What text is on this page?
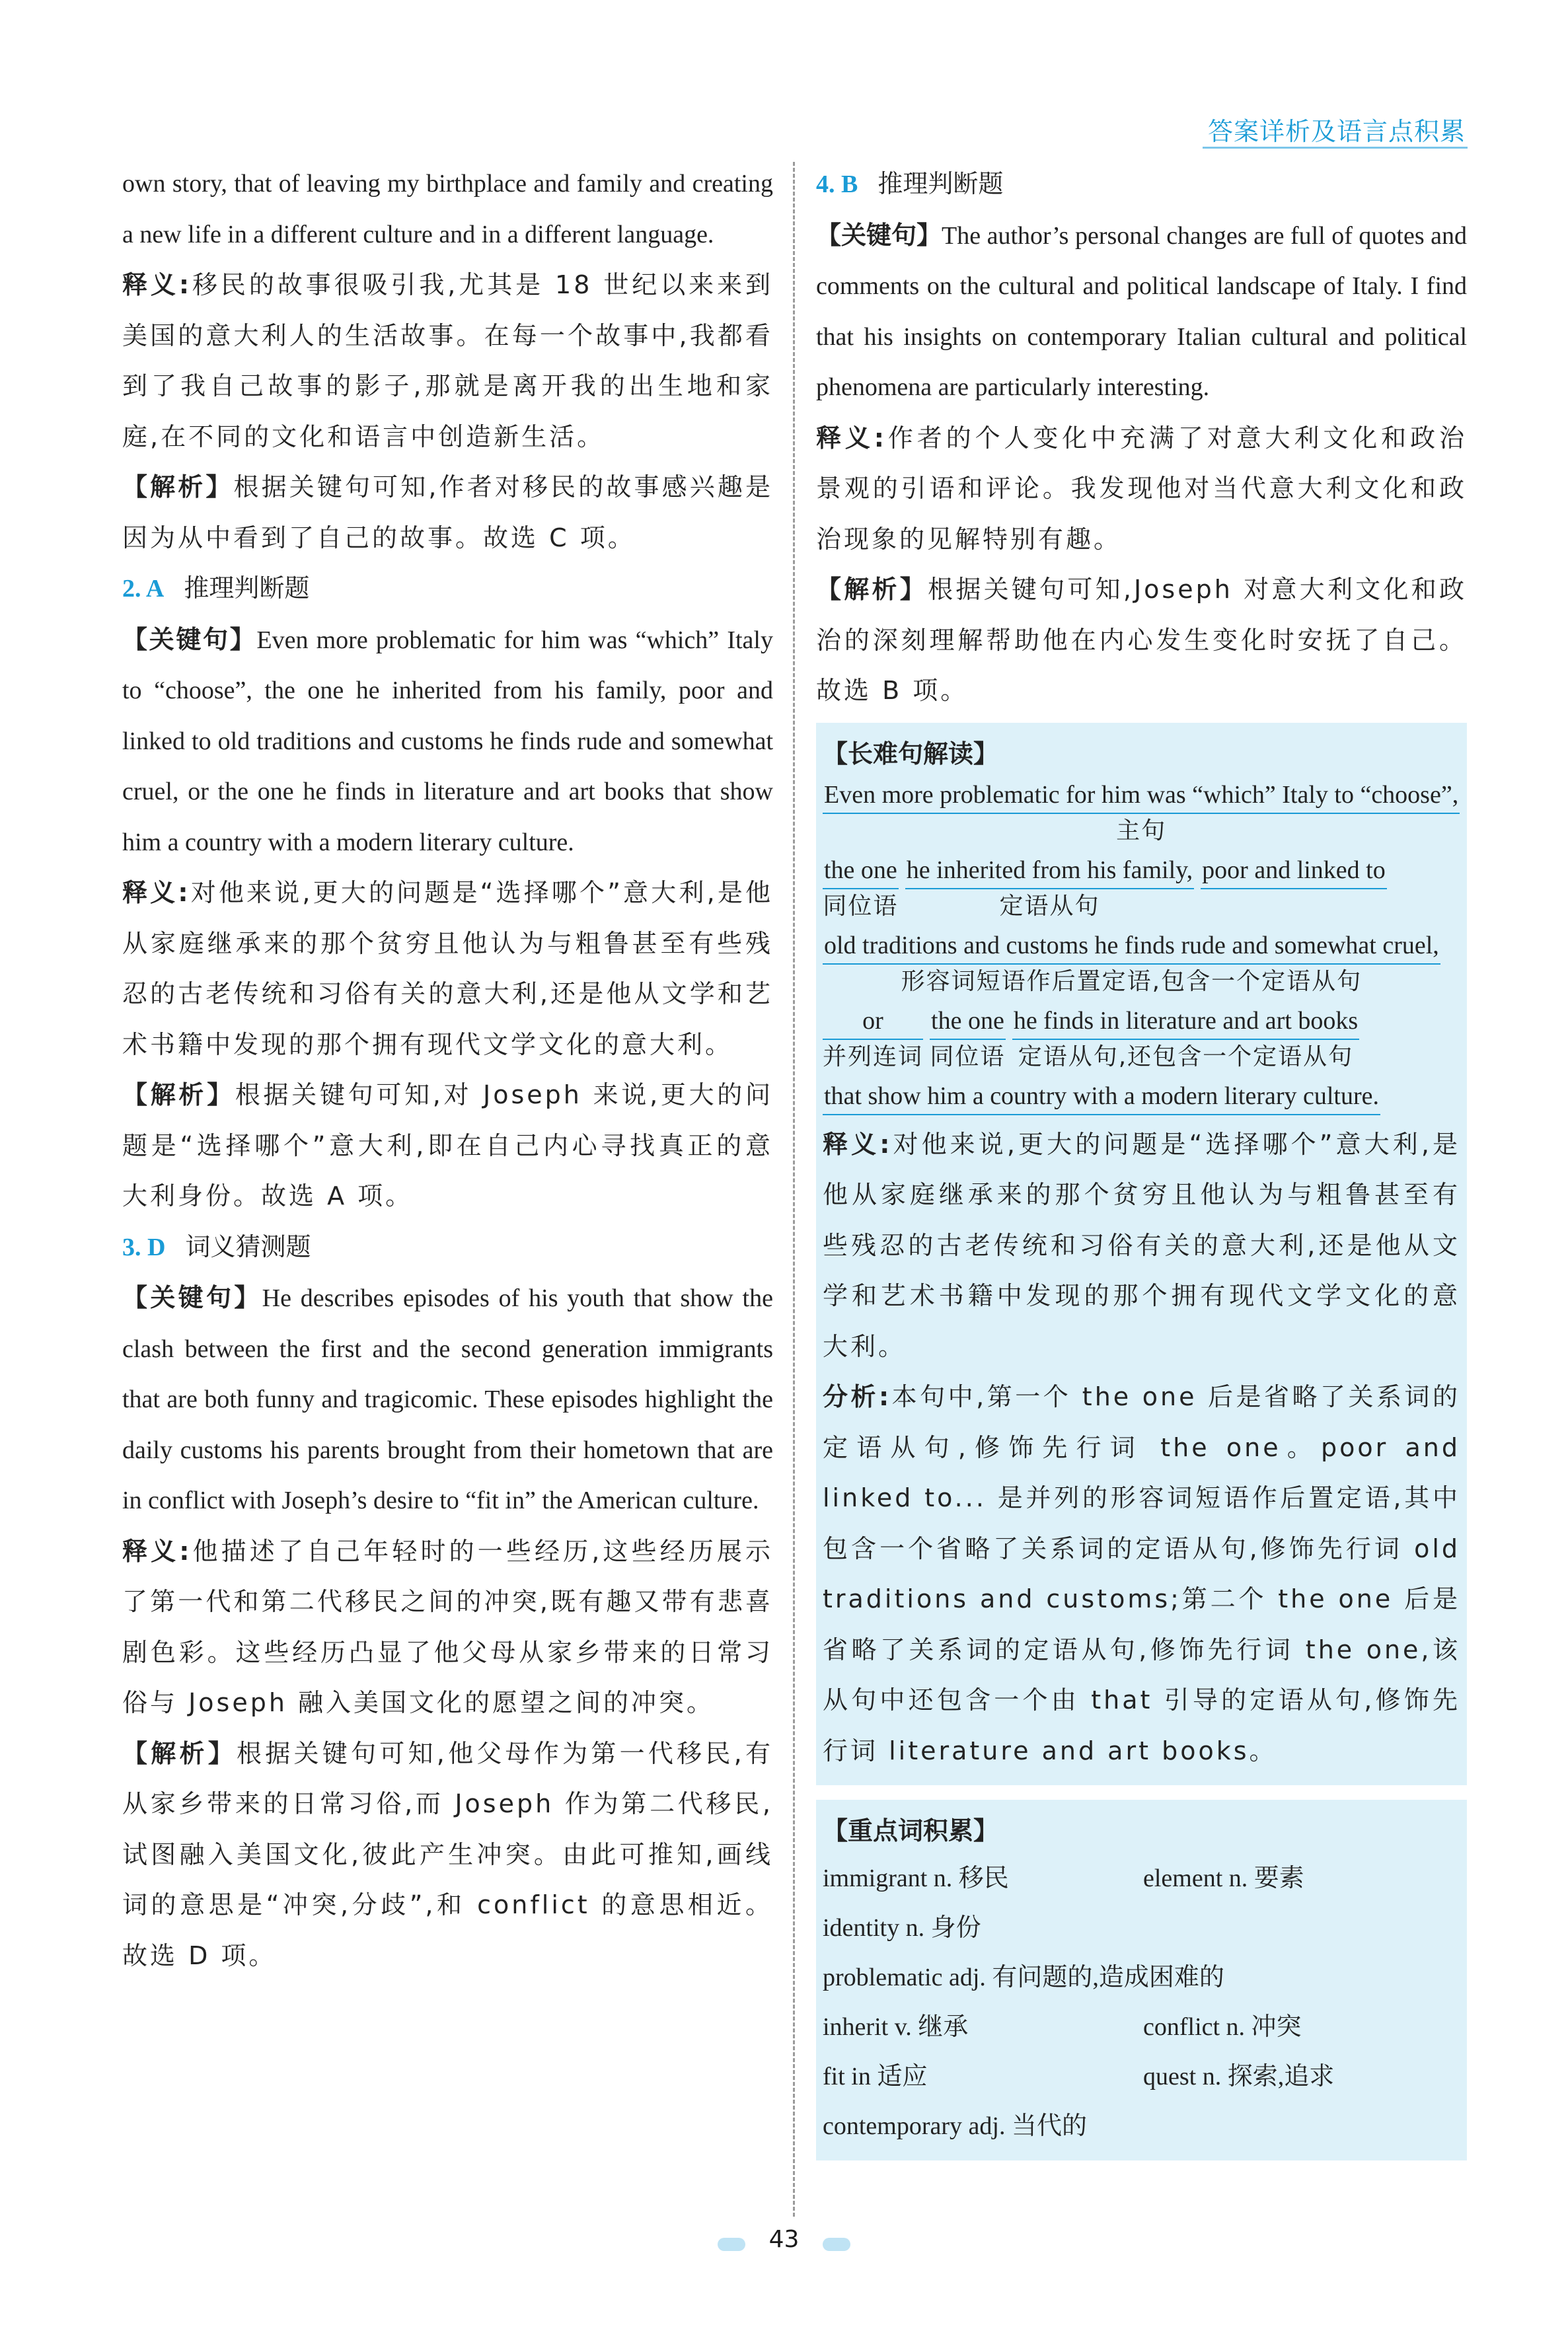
答案详析及语言点积累

own story, that of leaving my birthplace and family and creating a new life in a different culture and in a different language.

释义:移民的故事很吸引我,尤其是 18 世纪以来来到美国的意大利人的生活故事。在每一个故事中,我都看到了我自己故事的影子,那就是离开我的出生地和家庭,在不同的文化和语言中创造新生活。

【解析】根据关键句可知,作者对移民的故事感兴趣是因为从中看到了自己的故事。故选 C 项。

2. A 推理判断题

【关键句】Even more problematic for him was “which” Italy to “choose”, the one he inherited from his family, poor and linked to old traditions and customs he finds rude and somewhat cruel, or the one he finds in literature and art books that show him a country with a modern literary culture.

释义:对他来说,更大的问题是“选择哪个”意大利,是他从家庭继承来的那个贫穷且他认为与粗鲁甚至有些残忍的古老传统和习俗有关的意大利,还是他从文学和艺术书籍中发现的那个拥有现代文学文化的意大利。

【解析】根据关键句可知,对 Joseph 来说,更大的问题是“选择哪个”意大利,即在自己内心寻找真正的意大利身份。故选 A 项。

3. D 词义猜测题

【关键句】He describes episodes of his youth that show the clash between the first and the second generation immigrants that are both funny and tragicomic. These episodes highlight the daily customs his parents brought from their hometown that are in conflict with Joseph’s desire to “fit in” the American culture.

释义:他描述了自己年轻时的一些经历,这些经历展示了第一代和第二代移民之间的冲突,既有趣又带有悲喜剧色彩。这些经历凸显了他父母从家乡带来的日常习俗与 Joseph 融入美国文化的愿望之间的冲突。

【解析】根据关键句可知,他父母作为第一代移民,有从家乡带来的日常习俗,而 Joseph 作为第二代移民,试图融入美国文化,彼此产生冲突。由此可推知,画线词的意思是“冲突,分歧”,和 conflict 的意思相近。故选 D 项。

4. B 推理判断题

【关键句】The author’s personal changes are full of quotes and comments on the cultural and political landscape of Italy. I find that his insights on contemporary Italian cultural and political phenomena are particularly interesting.

释义:作者的个人变化中充满了对意大利文化和政治景观的引语和评论。我发现他对当代意大利文化和政治现象的见解特别有趣。

【解析】根据关键句可知,Joseph 对意大利文化和政治的深刻理解帮助他在内心发生变化时安抚了自己。故选 B 项。

【长难句解读】
Even more problematic for him was “which” Italy to “choose”,
主句
the one
同位语
he inherited from his family,
定语从句
poor and linked to
old traditions and customs he finds rude and somewhat cruel,
形容词短语作后置定语,包含一个定语从句
or
并列连词
the one
同位语
he finds in literature and art books
定语从句,还包含一个定语从句
that show him a country with a modern literary culture.

释义:对他来说,更大的问题是“选择哪个”意大利,是他从家庭继承来的那个贫穷且他认为与粗鲁甚至有些残忍的古老传统和习俗有关的意大利,还是他从文学和艺术书籍中发现的那个拥有现代文学文化的意大利。

分析:本句中,第一个 the one 后是省略了关系词的定语从句,修饰先行词 the one。poor and linked to... 是并列的形容词短语作后置定语,其中包含一个省略了关系词的定语从句,修饰先行词 old traditions and customs;第二个 the one 后是省略了关系词的定语从句,修饰先行词 the one,该从句中还包含一个由 that 引导的定语从句,修饰先行词 literature and art books。

【重点词积累】
immigrant n. 移民	element n. 要素
identity n. 身份
problematic adj. 有问题的,造成困难的
inherit v. 继承	conflict n. 冲突
fit in 适应	quest n. 探索,追求
contemporary adj. 当代的
43
